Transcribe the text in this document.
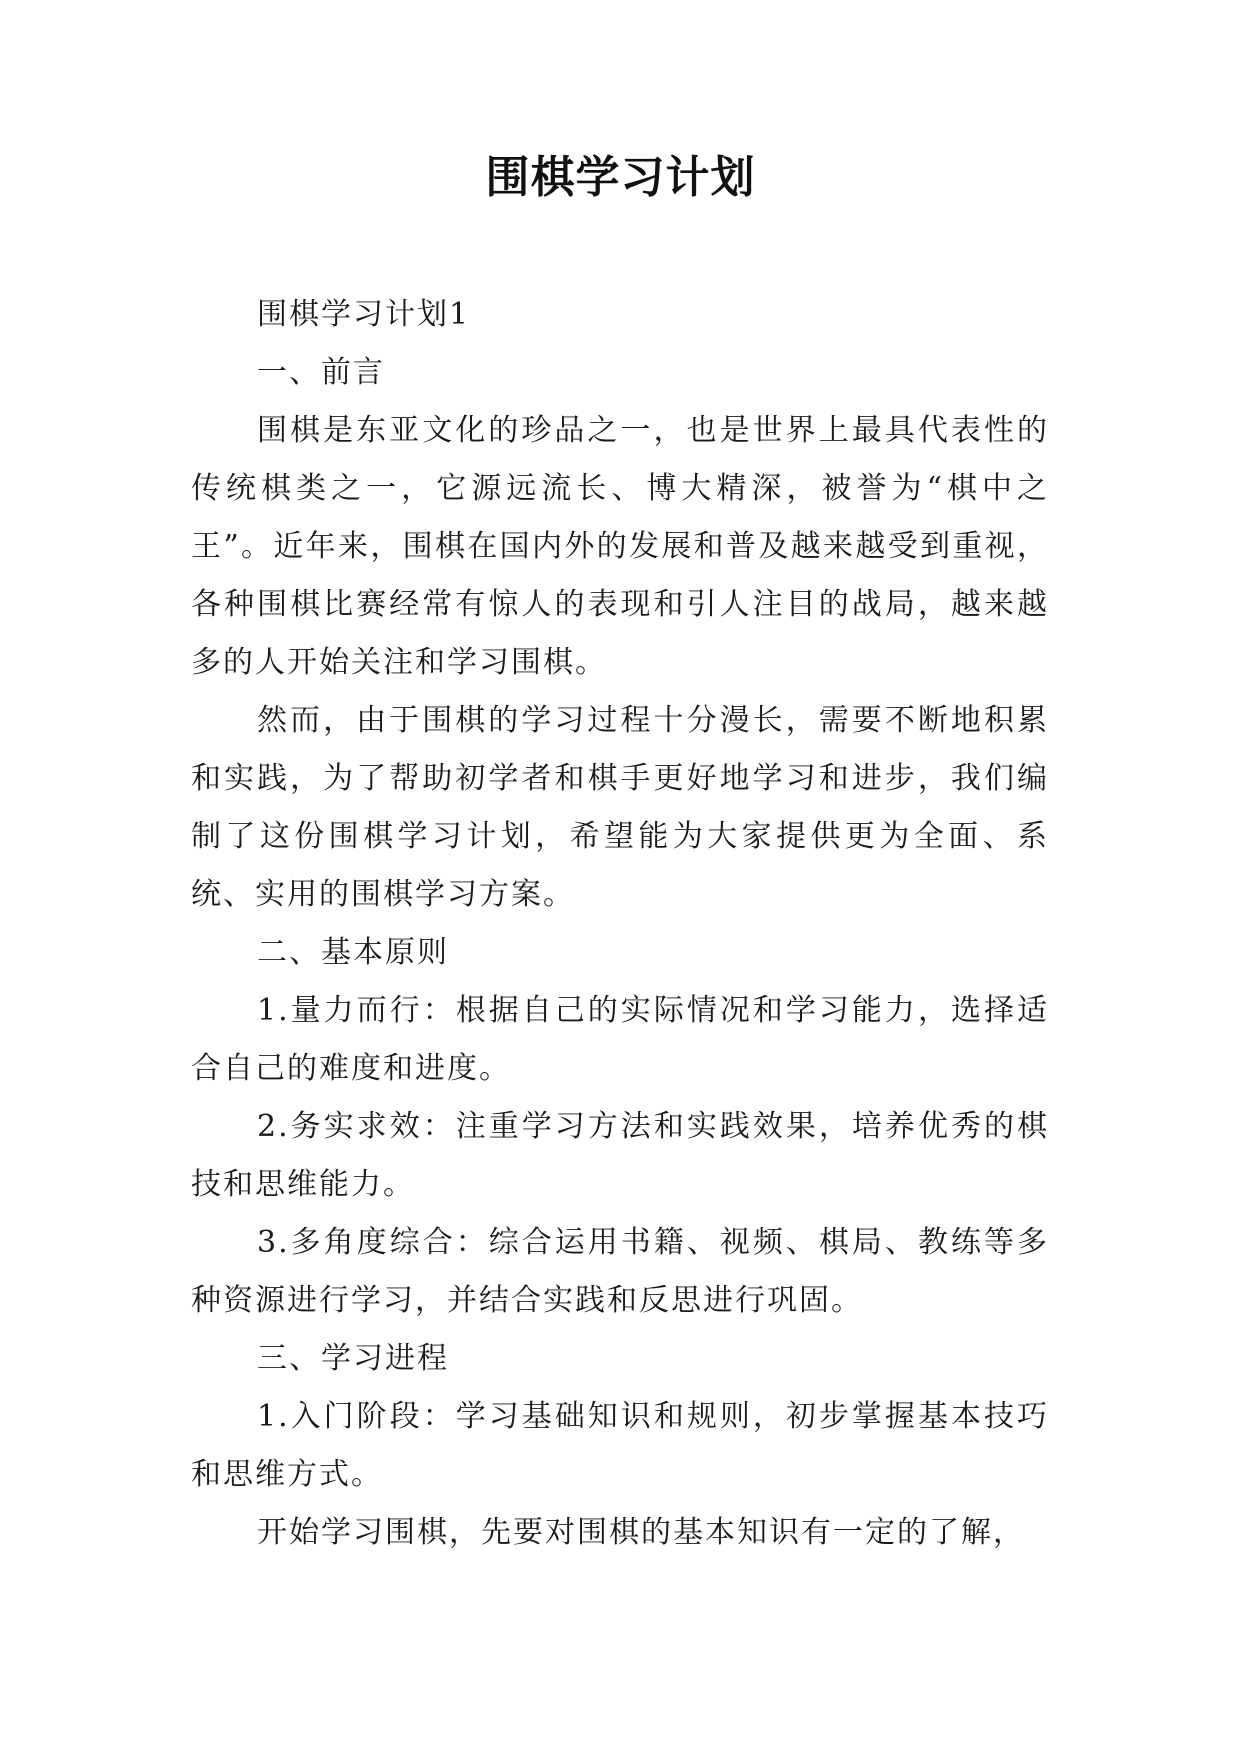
围棋学习计划

围棋学习计划1

一、前言

围棋是东亚文化的珍品之一，也是世界上最具代表性的传统棋类之一，它源远流长、博大精深，被誉为“棋中之王”。近年来，围棋在国内外的发展和普及越来越受到重视，各种围棋比赛经常有惊人的表现和引人注目的战局，越来越多的人开始关注和学习围棋。

然而，由于围棋的学习过程十分漫长，需要不断地积累和实践，为了帮助初学者和棋手更好地学习和进步，我们编制了这份围棋学习计划，希望能为大家提供更为全面、系统、实用的围棋学习方案。

二、基本原则

1.量力而行：根据自己的实际情况和学习能力，选择适合自己的难度和进度。

2.务实求效：注重学习方法和实践效果，培养优秀的棋技和思维能力。

3.多角度综合：综合运用书籍、视频、棋局、教练等多种资源进行学习，并结合实践和反思进行巩固。

三、学习进程

1.入门阶段：学习基础知识和规则，初步掌握基本技巧和思维方式。

开始学习围棋，先要对围棋的基本知识有一定的了解，
